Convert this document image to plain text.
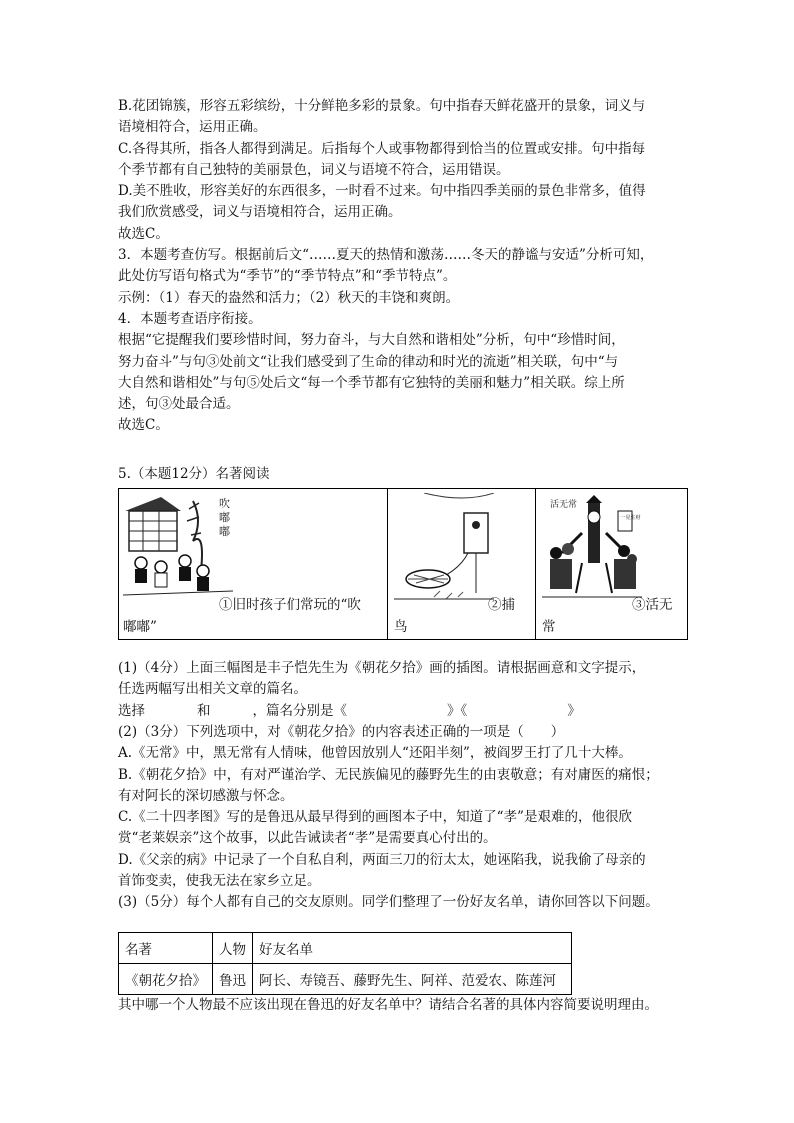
B.花团锦簇，形容五彩缤纷，十分鲜艳多彩的景象。句中指春天鲜花盛开的景象，词义与

语境相符合，运用正确。

C.各得其所，指各人都得到满足。后指每个人或事物都得到恰当的位置或安排。句中指每

个季节都有自己独特的美丽景色，词义与语境不符合，运用错误。

D.美不胜收，形容美好的东西很多，一时看不过来。句中指四季美丽的景色非常多，值得

我们欣赏感受，词义与语境相符合，运用正确。

故选C。

3．本题考查仿写。根据前后文“……夏天的热情和激荡……冬天的静谧与安适”分析可知，

此处仿写语句格式为“季节”的“季节特点”和“季节特点”。

示例：（1）春天的盎然和活力；（2）秋天的丰饶和爽朗。

4．本题考查语序衔接。

根据“它提醒我们要珍惜时间，努力奋斗，与大自然和谐相处”分析，句中“珍惜时间，

努力奋斗”与句③处前文“让我们感受到了生命的律动和时光的流逝”相关联，句中“与

大自然和谐相处”与句⑤处后文“每一个季节都有它独特的美丽和魅力”相关联。综上所

述，句③处最合适。

故选C。

5.（本题12分）名著阅读

吹
嘟
嘟
①旧时孩子们常玩的“吹
嘟嘟”

②捕
鸟

活无常
一见生财
③活无
常

(1)（4分）上面三幅图是丰子恺先生为《朝花夕拾》画的插图。请根据画意和文字提示，

任选两幅写出相关文章的篇名。

选择	和	，篇名分别是《	》《	》

(2)（3分）下列选项中，对《朝花夕拾》的内容表述正确的一项是（　　）

A.《无常》中，黑无常有人情味，他曾因放别人“还阳半刻”，被阎罗王打了几十大棒。

B.《朝花夕拾》中，有对严谨治学、无民族偏见的藤野先生的由衷敬意；有对庸医的痛恨；

有对阿长的深切感激与怀念。

C.《二十四孝图》写的是鲁迅从最早得到的画图本子中，知道了“孝”是艰难的，他很欣

赏“老莱娱亲”这个故事，以此告诫读者“孝”是需要真心付出的。

D.《父亲的病》中记录了一个自私自利，两面三刀的衍太太，她诬陷我，说我偷了母亲的

首饰变卖，使我无法在家乡立足。

(3)（5分）每个人都有自己的交友原则。同学们整理了一份好友名单，请你回答以下问题。

名著	人物	好友名单
《朝花夕拾》	鲁迅	阿长、寿镜吾、藤野先生、阿祥、范爱农、陈莲河

其中哪一个人物最不应该出现在鲁迅的好友名单中？请结合名著的具体内容简要说明理由。
